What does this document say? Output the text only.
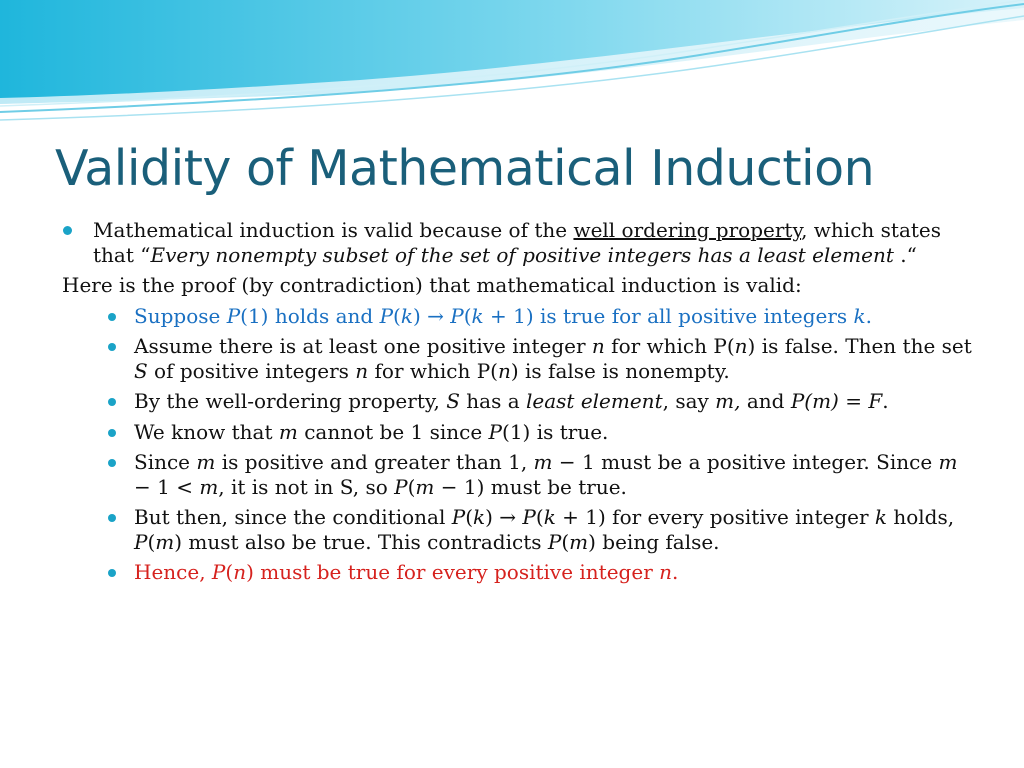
Validity of Mathematical Induction

Mathematical induction is valid because of the well ordering property, which states that “Every nonempty subset of the set of positive integers has a least element .“

Here is the proof (by contradiction) that mathematical induction is valid:

Suppose P(1) holds and P(k) → P(k + 1) is true for all positive integers k.
Assume there is at least one positive integer n for which P(n) is false. Then the set S of positive integers n for which P(n) is false is nonempty.
By the well-ordering property, S has a least element, say m, and P(m) = F.
We know that m cannot be 1 since P(1) is true.
Since m is positive and greater than 1, m − 1 must be a positive integer. Since m − 1 < m, it is not in S, so P(m − 1) must be true.
But then, since the conditional P(k) → P(k + 1) for every positive integer k holds, P(m) must also be true. This contradicts P(m) being false.
Hence, P(n) must be true for every positive integer n.
